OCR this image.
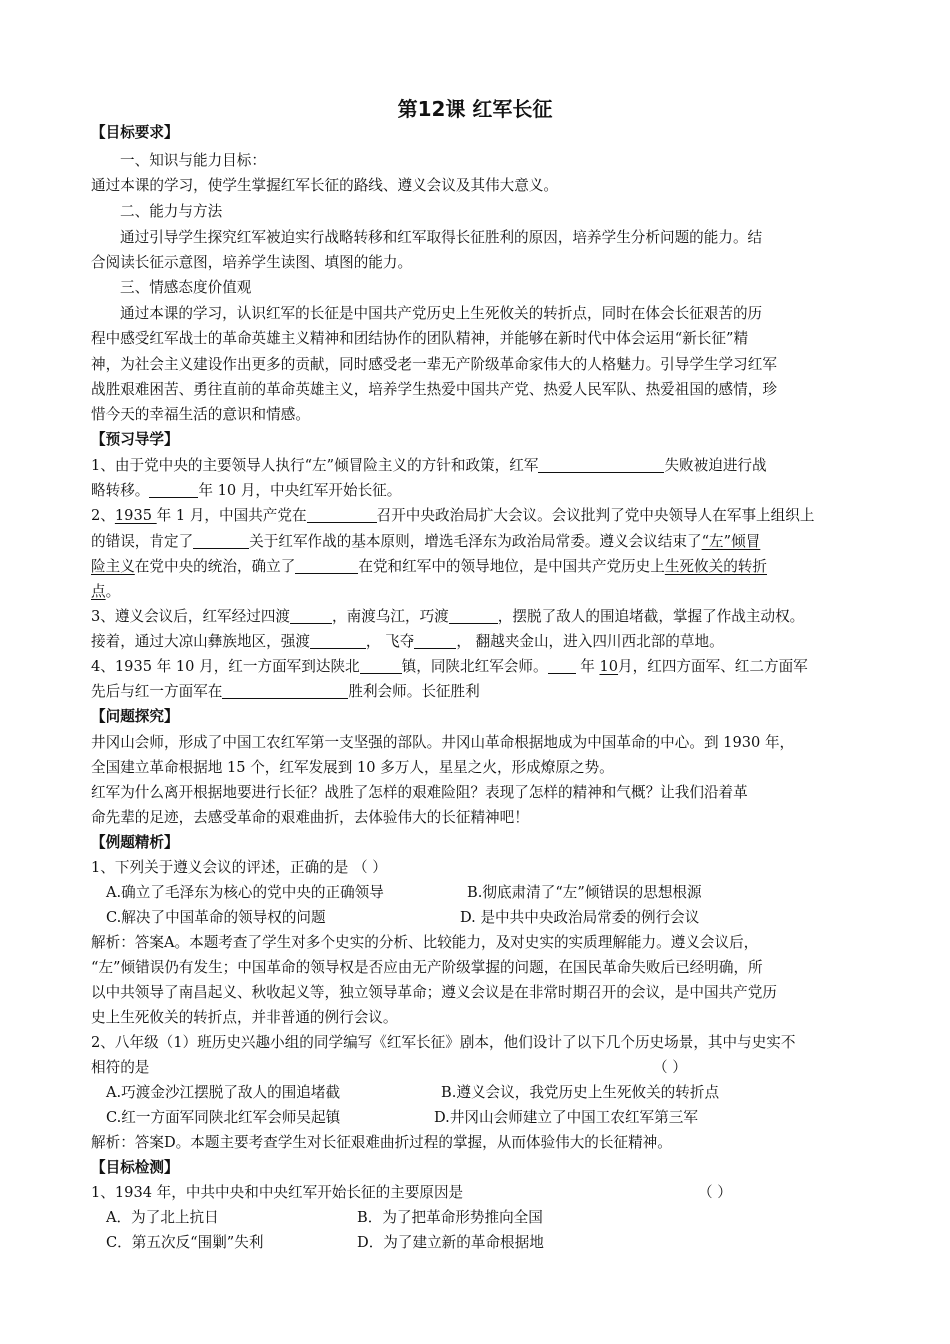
第12课 红军长征
【目标要求】
一、知识与能力目标：
通过本课的学习，使学生掌握红军长征的路线、遵义会议及其伟大意义。
二、能力与方法
通过引导学生探究红军被迫实行战略转移和红军取得长征胜利的原因，培养学生分析问题的能力。结
合阅读长征示意图，培养学生读图、填图的能力。
三、情感态度价值观
通过本课的学习，认识红军的长征是中国共产党历史上生死攸关的转折点，同时在体会长征艰苦的历
程中感受红军战士的革命英雄主义精神和团结协作的团队精神，并能够在新时代中体会运用“新长征”精
神，为社会主义建设作出更多的贡献，同时感受老一辈无产阶级革命家伟大的人格魅力。引导学生学习红军
战胜艰难困苦、勇往直前的革命英雄主义，培养学生热爱中国共产党、热爱人民军队、热爱祖国的感情，珍
惜今天的幸福生活的意识和情感。
【预习导学】
1、由于党中央的主要领导人执行“左”倾冒险主义的方针和政策，红军	失败被迫进行战
略转移。	年 10 月，中央红军开始长征。
2、1935 年 1 月，中国共产党在	召开中央政治局扩大会议。会议批判了党中央领导人在军事上组织上
的错误，肯定了	关于红军作战的基本原则，增选毛泽东为政治局常委。遵义会议结束了“左”倾冒
险主义在党中央的统治，确立了	在党和红军中的领导地位，是中国共产党历史上生死攸关的转折
点。
3、遵义会议后，红军经过四渡	，南渡乌江，巧渡	，摆脱了敌人的围追堵截，掌握了作战主动权。
接着，通过大凉山彝族地区，强渡	， 飞夺	， 翻越夹金山，进入四川西北部的草地。
4、1935 年 10 月，红一方面军到达陕北	镇，同陕北红军会师。 年 10月，红四方面军、红二方面军
先后与红一方面军在	胜利会师。长征胜利
【问题探究】
井冈山会师，形成了中国工农红军第一支坚强的部队。井冈山革命根据地成为中国革命的中心。到 1930 年，
全国建立革命根据地 15 个，红军发展到 10 多万人，星星之火，形成燎原之势。
红军为什么离开根据地要进行长征？战胜了怎样的艰难险阻？表现了怎样的精神和气概？让我们沿着革
命先辈的足迹，去感受革命的艰难曲折，去体验伟大的长征精神吧！
【例题精析】
1、下列关于遵义会议的评述，正确的是 （ ）
A.确立了毛泽东为核心的党中央的正确领导	B.彻底肃清了“左”倾错误的思想根源
C.解决了中国革命的领导权的问题	D. 是中共中央政治局常委的例行会议
解析：答案A。本题考查了学生对多个史实的分析、比较能力，及对史实的实质理解能力。遵义会议后，
“左”倾错误仍有发生；中国革命的领导权是否应由无产阶级掌握的问题，在国民革命失败后已经明确，所
以中共领导了南昌起义、秋收起义等，独立领导革命；遵义会议是在非常时期召开的会议，是中国共产党历
史上生死攸关的转折点，并非普通的例行会议。
2、八年级（1）班历史兴趣小组的同学编写《红军长征》剧本，他们设计了以下几个历史场景，其中与史实不
相符的是	（ ）
A.巧渡金沙江摆脱了敌人的围追堵截	B.遵义会议，我党历史上生死攸关的转折点
C.红一方面军同陕北红军会师吴起镇	D.井冈山会师建立了中国工农红军第三军
解析：答案D。本题主要考查学生对长征艰难曲折过程的掌握，从而体验伟大的长征精神。
【目标检测】
1、1934 年，中共中央和中央红军开始长征的主要原因是	（ ）
A．为了北上抗日	B．为了把革命形势推向全国
C．第五次反“围剿”失利	D．为了建立新的革命根据地
